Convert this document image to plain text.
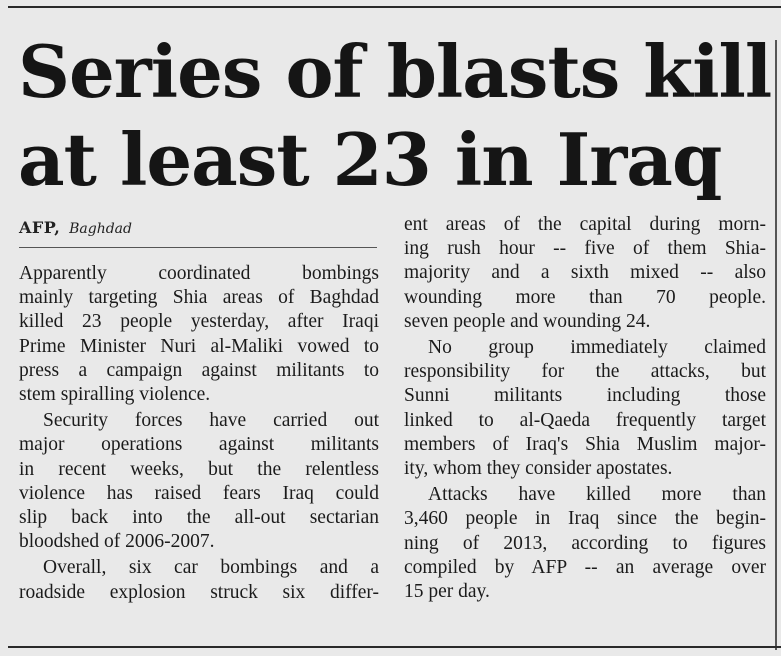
Series of blasts kill
at least 23 in Iraq
AFP, Baghdad
Apparently coordinated bombings
mainly targeting Shia areas of Baghdad
killed 23 people yesterday, after Iraqi
Prime Minister Nuri al-Maliki vowed to
press a campaign against militants to
stem spiralling violence.
Security forces have carried out
major operations against militants
in recent weeks, but the relentless
violence has raised fears Iraq could
slip back into the all-out sectarian
bloodshed of 2006-2007.
Overall, six car bombings and a
roadside explosion struck six differ-
ent areas of the capital during morn-
ing rush hour -- five of them Shia-
majority and a sixth mixed -- also
wounding more than 70 people.
seven people and wounding 24.
No group immediately claimed
responsibility for the attacks, but
Sunni militants including those
linked to al-Qaeda frequently target
members of Iraq's Shia Muslim major-
ity, whom they consider apostates.
Attacks have killed more than
3,460 people in Iraq since the begin-
ning of 2013, according to figures
compiled by AFP -- an average over
15 per day.
